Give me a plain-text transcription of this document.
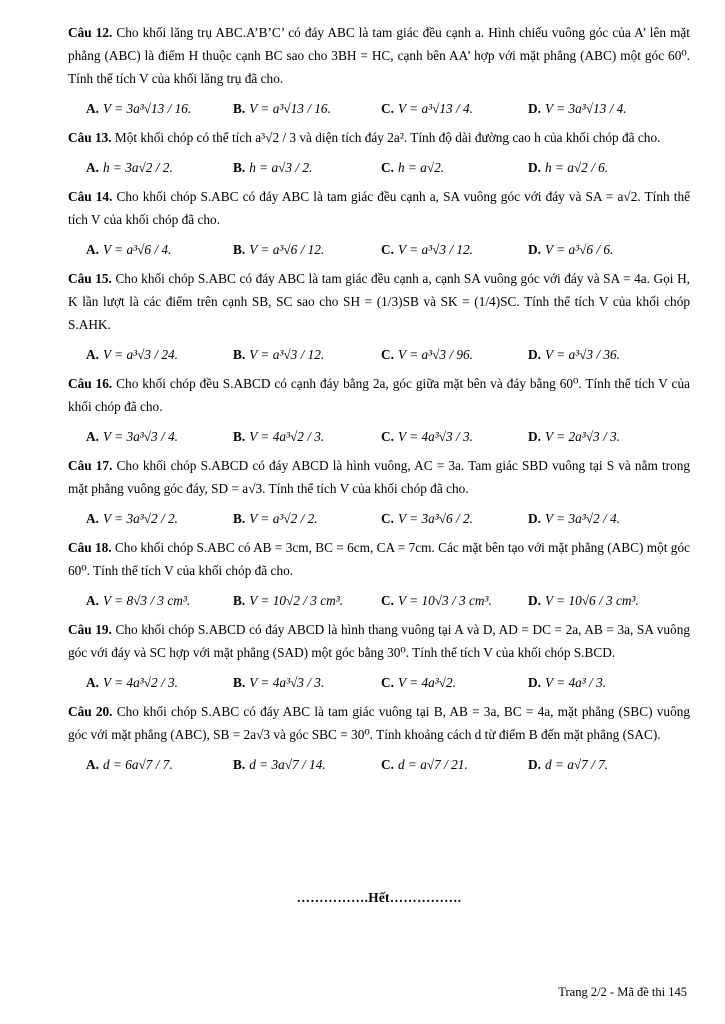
Câu 12. Cho khối lăng trụ ABC.A’B’C’ có đáy ABC là tam giác đều cạnh a. Hình chiếu vuông góc của A’ lên mặt phẳng (ABC) là điểm H thuộc cạnh BC sao cho 3BH = HC, cạnh bên AA’ hợp với mặt phẳng (ABC) một góc 60⁰. Tính thể tích V của khối lăng trụ đã cho.
A. V = 3a³√13 / 16.	B. V = a³√13 / 16.	C. V = a³√13 / 4.	D. V = 3a³√13 / 4.
Câu 13. Một khối chóp có thể tích a³√2 / 3 và diện tích đáy 2a². Tính độ dài đường cao h của khối chóp đã cho.
A. h = 3a√2 / 2.	B. h = a√3 / 2.	C. h = a√2.	D. h = a√2 / 6.
Câu 14. Cho khối chóp S.ABC có đáy ABC là tam giác đều cạnh a, SA vuông góc với đáy và SA = a√2. Tính thể tích V của khối chóp đã cho.
A. V = a³√6 / 4.	B. V = a³√6 / 12.	C. V = a³√3 / 12.	D. V = a³√6 / 6.
Câu 15. Cho khối chóp S.ABC có đáy ABC là tam giác đều cạnh a, cạnh SA vuông góc với đáy và SA = 4a. Gọi H, K lần lượt là các điểm trên cạnh SB, SC sao cho SH = (1/3)SB và SK = (1/4)SC. Tính thể tích V của khối chóp S.AHK.
A. V = a³√3 / 24.	B. V = a³√3 / 12.	C. V = a³√3 / 96.	D. V = a³√3 / 36.
Câu 16. Cho khối chóp đều S.ABCD có cạnh đáy bằng 2a, góc giữa mặt bên và đáy bằng 60⁰. Tính thể tích V của khối chóp đã cho.
A. V = 3a³√3 / 4.	B. V = 4a³√2 / 3.	C. V = 4a³√3 / 3.	D. V = 2a³√3 / 3.
Câu 17. Cho khối chóp S.ABCD có đáy ABCD là hình vuông, AC = 3a. Tam giác SBD vuông tại S và nằm trong mặt phẳng vuông góc đáy, SD = a√3. Tính thể tích V của khối chóp đã cho.
A. V = 3a³√2 / 2.	B. V = a³√2 / 2.	C. V = 3a³√6 / 2.	D. V = 3a³√2 / 4.
Câu 18. Cho khối chóp S.ABC có AB = 3cm, BC = 6cm, CA = 7cm. Các mặt bên tạo với mặt phẳng (ABC) một góc 60⁰. Tính thể tích V của khối chóp đã cho.
A. V = 8√3 / 3 cm³.	B. V = 10√2 / 3 cm³.	C. V = 10√3 / 3 cm³.	D. V = 10√6 / 3 cm³.
Câu 19. Cho khối chóp S.ABCD có đáy ABCD là hình thang vuông tại A và D, AD = DC = 2a, AB = 3a, SA vuông góc với đáy và SC hợp với mặt phẳng (SAD) một góc bằng 30⁰. Tính thể tích V của khối chóp S.BCD.
A. V = 4a³√2 / 3.	B. V = 4a³√3 / 3.	C. V = 4a³√2.	D. V = 4a³ / 3.
Câu 20. Cho khối chóp S.ABC có đáy ABC là tam giác vuông tại B, AB = 3a, BC = 4a, mặt phẳng (SBC) vuông góc với mặt phẳng (ABC), SB = 2a√3 và góc SBC = 30⁰. Tính khoảng cách d từ điểm B đến mặt phẳng (SAC).
A. d = 6a√7 / 7.	B. d = 3a√7 / 14.	C. d = a√7 / 21.	D. d = a√7 / 7.
…………….Hết…………….
Trang 2/2 - Mã đề thi 145
